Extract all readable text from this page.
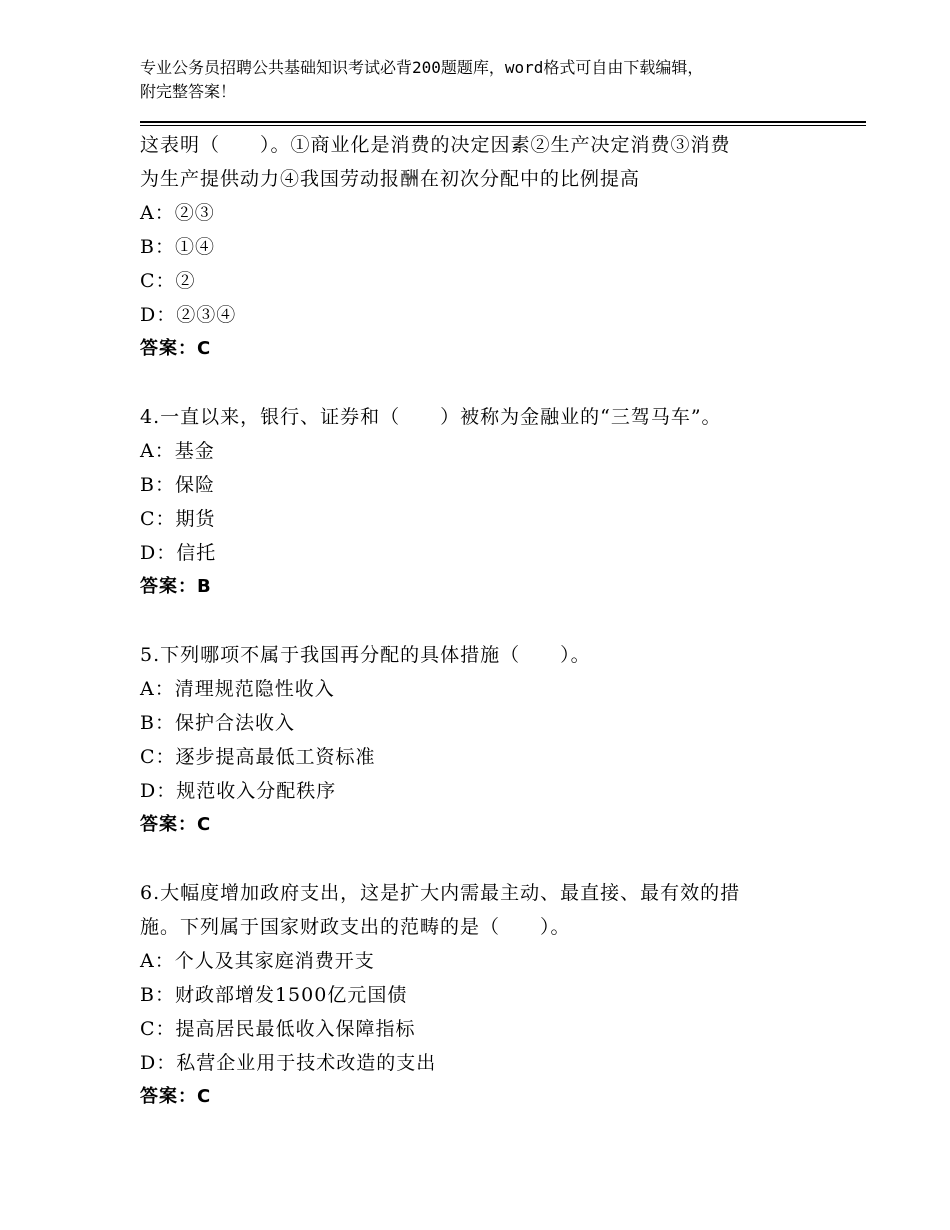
专业公务员招聘公共基础知识考试必背200题题库，word格式可自由下载编辑，
附完整答案！
这表明（　　）。①商业化是消费的决定因素②生产决定消费③消费
为生产提供动力④我国劳动报酬在初次分配中的比例提高
A：②③
B：①④
C：②
D：②③④
答案：C
4.一直以来，银行、证券和（　　）被称为金融业的“三驾马车”。
A：基金
B：保险
C：期货
D：信托
答案：B
5.下列哪项不属于我国再分配的具体措施（　　）。
A：清理规范隐性收入
B：保护合法收入
C：逐步提高最低工资标准
D：规范收入分配秩序
答案：C
6.大幅度增加政府支出，这是扩大内需最主动、最直接、最有效的措
施。下列属于国家财政支出的范畴的是（　　）。
A：个人及其家庭消费开支
B：财政部增发1500亿元国债
C：提高居民最低收入保障指标
D：私营企业用于技术改造的支出
答案：C
